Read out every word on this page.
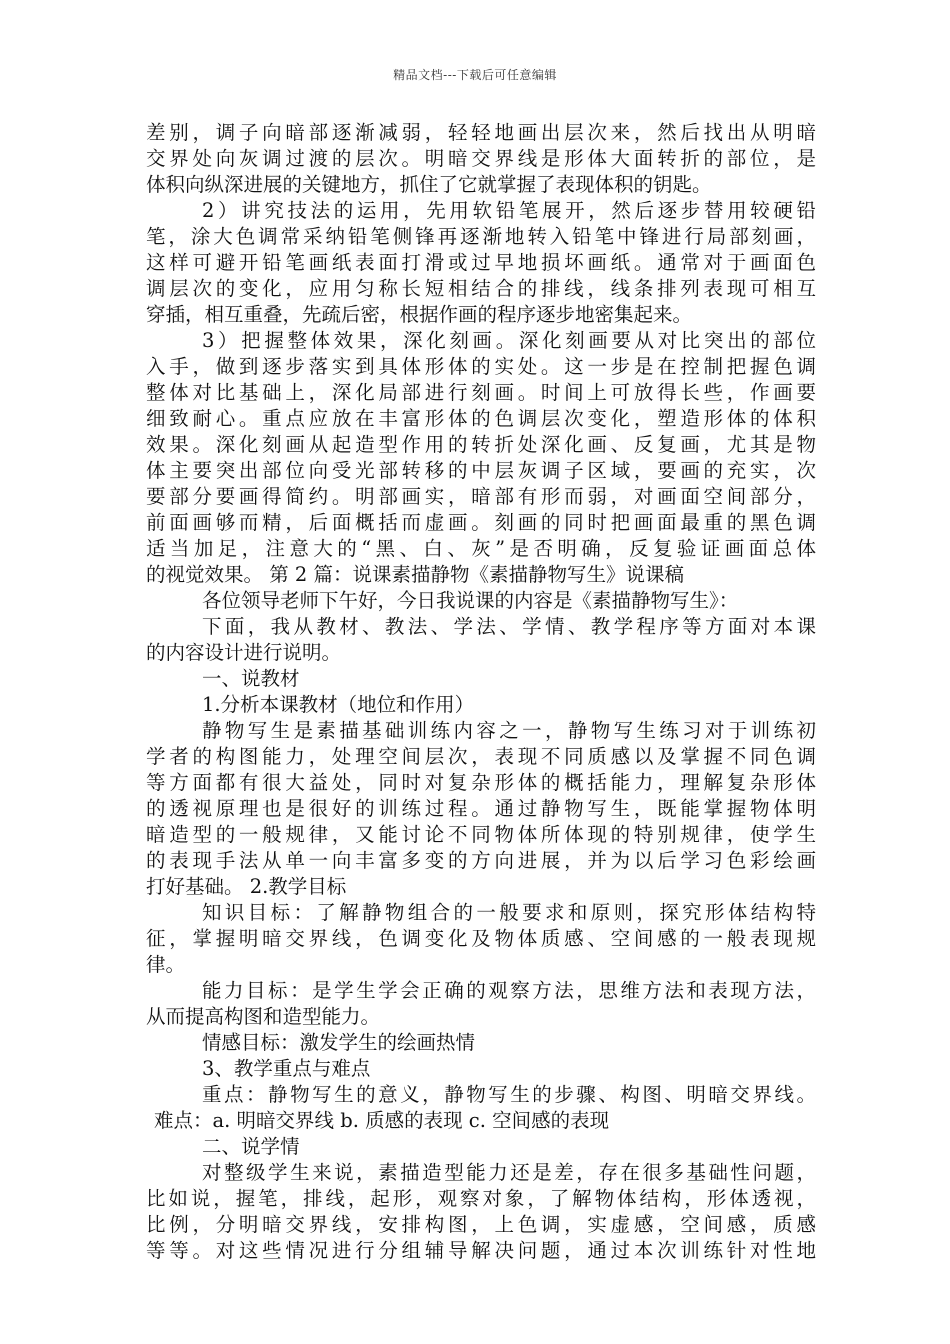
精品文档---下载后可任意编辑
差别，调子向暗部逐渐减弱，轻轻地画出层次来，然后找出从明暗
交界处向灰调过渡的层次。明暗交界线是形体大面转折的部位，是
体积向纵深进展的关键地方，抓住了它就掌握了表现体积的钥匙。
2）讲究技法的运用，先用软铅笔展开，然后逐步替用较硬铅
笔，涂大色调常采纳铅笔侧锋再逐渐地转入铅笔中锋进行局部刻画，
这样可避开铅笔画纸表面打滑或过早地损坏画纸。通常对于画面色
调层次的变化，应用匀称长短相结合的排线，线条排列表现可相互
穿插，相互重叠，先疏后密，根据作画的程序逐步地密集起来。
3）把握整体效果，深化刻画。深化刻画要从对比突出的部位
入手，做到逐步落实到具体形体的实处。这一步是在控制把握色调
整体对比基础上，深化局部进行刻画。时间上可放得长些，作画要
细致耐心。重点应放在丰富形体的色调层次变化，塑造形体的体积
效果。深化刻画从起造型作用的转折处深化画、反复画，尤其是物
体主要突出部位向受光部转移的中层灰调子区域，要画的充实，次
要部分要画得简约。明部画实，暗部有形而弱，对画面空间部分，
前面画够而精，后面概括而虚画。刻画的同时把画面最重的黑色调
适当加足，注意大的“黑、白、灰”是否明确，反复验证画面总体
的视觉效果。 第 2 篇：说课素描静物《素描静物写生》说课稿
各位领导老师下午好，今日我说课的内容是《素描静物写生》：
下面，我从教材、教法、学法、学情、教学程序等方面对本课
的内容设计进行说明。
一、说教材
1.分析本课教材（地位和作用）
静物写生是素描基础训练内容之一，静物写生练习对于训练初
学者的构图能力，处理空间层次，表现不同质感以及掌握不同色调
等方面都有很大益处，同时对复杂形体的概括能力，理解复杂形体
的透视原理也是很好的训练过程。通过静物写生，既能掌握物体明
暗造型的一般规律，又能讨论不同物体所体现的特别规律，使学生
的表现手法从单一向丰富多变的方向进展，并为以后学习色彩绘画
打好基础。 2.教学目标
知识目标：了解静物组合的一般要求和原则，探究形体结构特
征，掌握明暗交界线，色调变化及物体质感、空间感的一般表现规
律。
能力目标：是学生学会正确的观察方法，思维方法和表现方法，
从而提高构图和造型能力。
情感目标：激发学生的绘画热情
3、教学重点与难点
重点：静物写生的意义，静物写生的步骤、构图、明暗交界线。
难点：a. 明暗交界线 b. 质感的表现 c. 空间感的表现
二、说学情
对整级学生来说，素描造型能力还是差，存在很多基础性问题，
比如说，握笔，排线，起形，观察对象，了解物体结构，形体透视，
比例，分明暗交界线，安排构图，上色调，实虚感，空间感，质感
等等。对这些情况进行分组辅导解决问题，通过本次训练针对性地
